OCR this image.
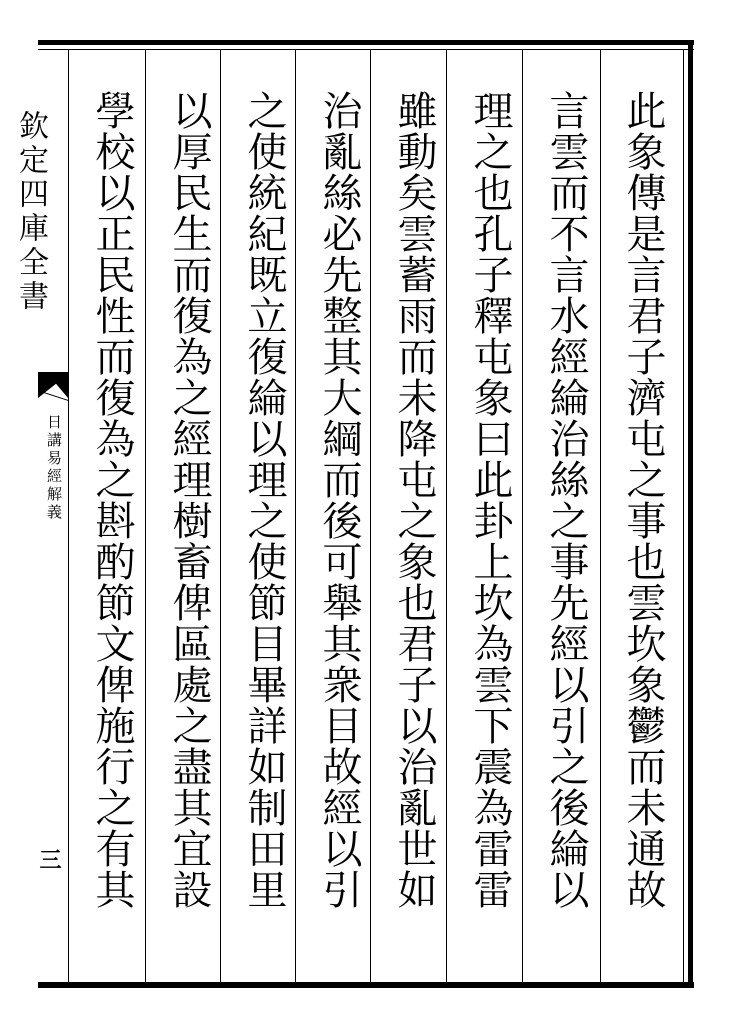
欽定四庫全書
日講易經解義
三	此象傳是言君子濟屯之事也雲坎象鬱而未通故
言雲而不言水經綸治絲之事先經以引之後綸以
理之也孔子釋屯象曰此卦上坎為雲下震為雷雷
雖動矣雲蓄雨而未降屯之象也君子以治亂世如
治亂絲必先整其大綱而後可舉其衆目故經以引
之使統紀既立復綸以理之使節目畢詳如制田里
以厚民生而復為之經理樹畜俾區處之盡其宜設
學校以正民性而復為之斟酌節文俾施行之有其
